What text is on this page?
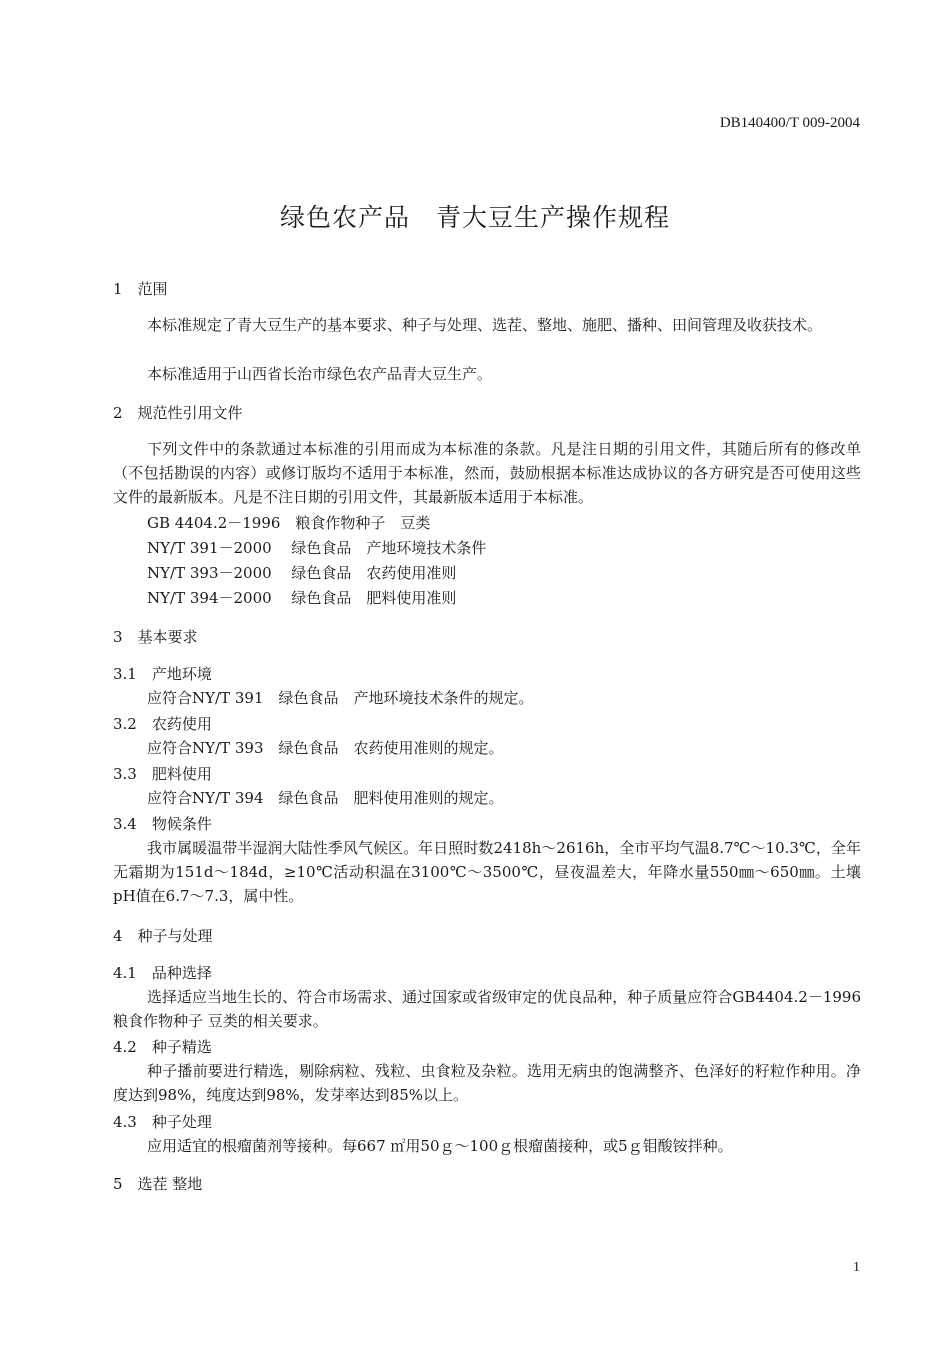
DB140400/T 009-2004
绿色农产品　青大豆生产操作规程
1　范围
本标准规定了青大豆生产的基本要求、种子与处理、选茬、整地、施肥、播种、田间管理及收获技术。
本标准适用于山西省长治市绿色农产品青大豆生产。
2　规范性引用文件
下列文件中的条款通过本标准的引用而成为本标准的条款。凡是注日期的引用文件，其随后所有的修改单（不包括勘误的内容）或修订版均不适用于本标准，然而，鼓励根据本标准达成协议的各方研究是否可使用这些文件的最新版本。凡是不注日期的引用文件，其最新版本适用于本标准。
GB 4404.2－1996　粮食作物种子　豆类
NY/T 391－2000　 绿色食品　产地环境技术条件
NY/T 393－2000　 绿色食品　农药使用准则
NY/T 394－2000　 绿色食品　肥料使用准则
3　基本要求
3.1　产地环境
应符合NY/T 391　绿色食品　产地环境技术条件的规定。
3.2　农药使用
应符合NY/T 393　绿色食品　农药使用准则的规定。
3.3　肥料使用
应符合NY/T 394　绿色食品　肥料使用准则的规定。
3.4　物候条件
我市属暖温带半湿润大陆性季风气候区。年日照时数2418h～2616h，全市平均气温8.7℃～10.3℃，全年无霜期为151d～184d，≥10℃活动积温在3100℃～3500℃，昼夜温差大，年降水量550㎜～650㎜。土壤pH值在6.7～7.3，属中性。
4　种子与处理
4.1　品种选择
选择适应当地生长的、符合市场需求、通过国家或省级审定的优良品种，种子质量应符合GB4404.2－1996 粮食作物种子 豆类的相关要求。
4.2　种子精选
种子播前要进行精选，剔除病粒、残粒、虫食粒及杂粒。选用无病虫的饱满整齐、色泽好的籽粒作种用。净度达到98%，纯度达到98%，发芽率达到85%以上。
4.3　种子处理
应用适宜的根瘤菌剂等接种。每667 ㎡用50ｇ～100ｇ根瘤菌接种，或5ｇ钼酸铵拌种。
5　选茬 整地
1
